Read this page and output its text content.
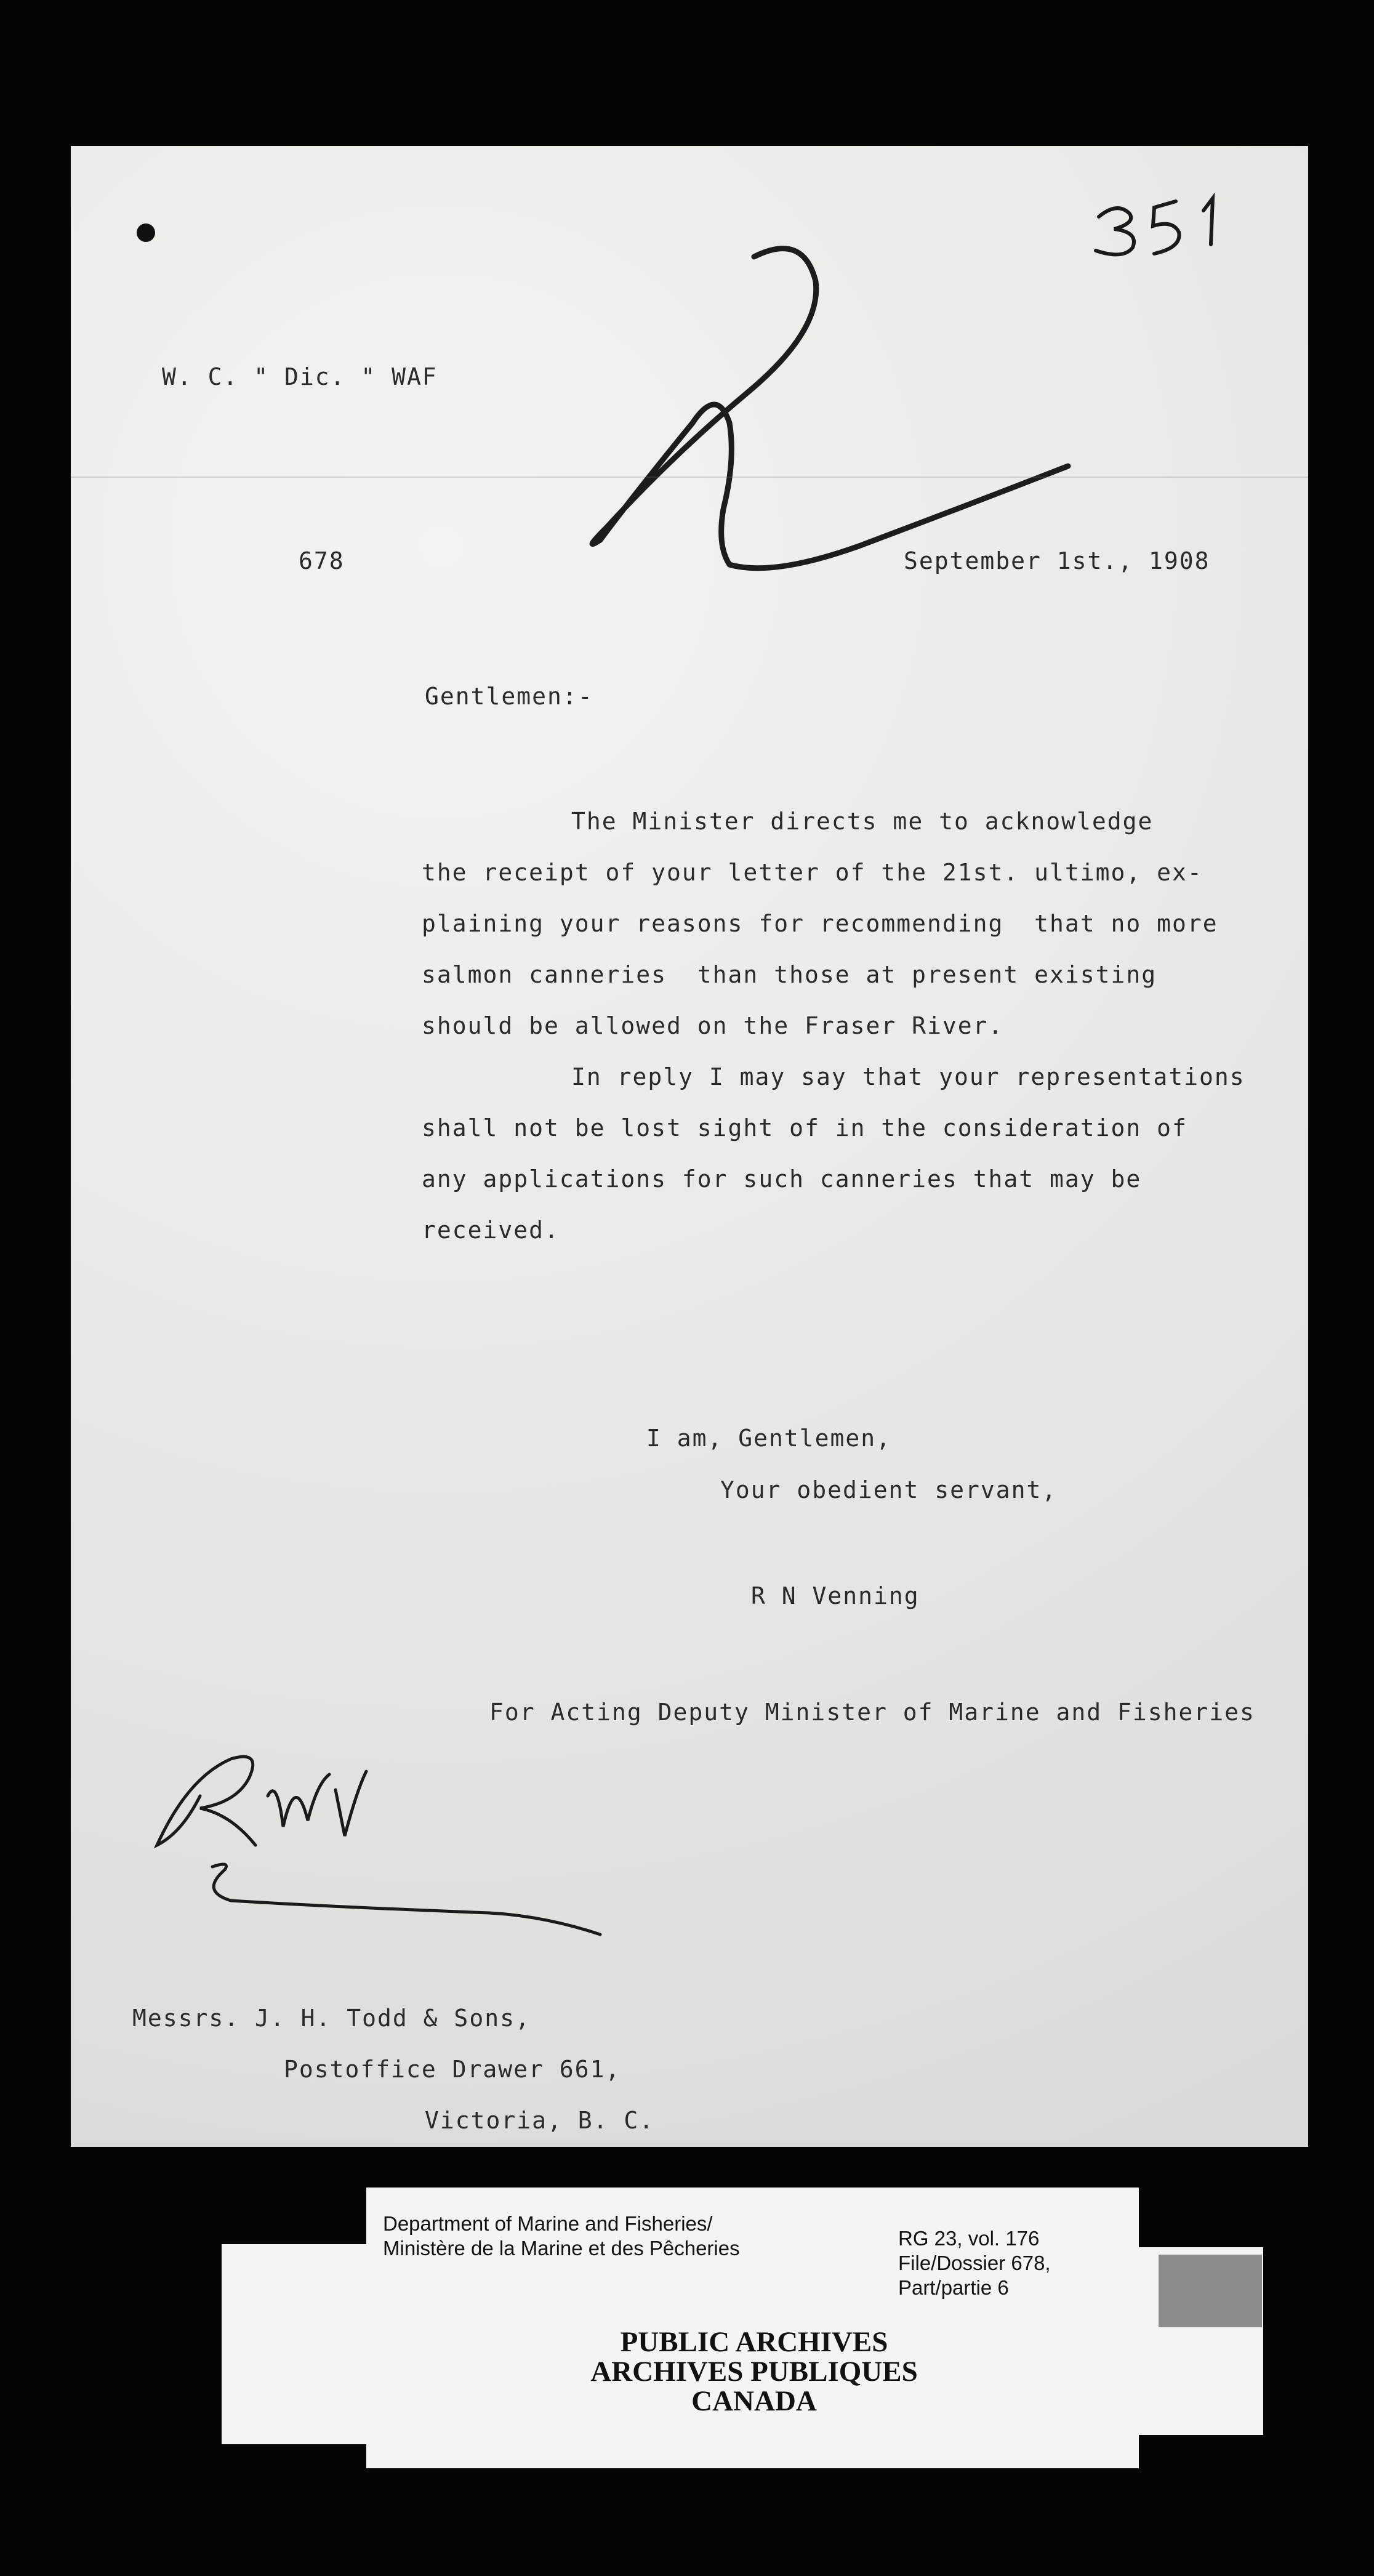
W. C. " Dic. " WAF

678	September 1st., 1908

Gentlemen:-

The Minister directs me to acknowledge

the receipt of your letter of the 21st. ultimo, ex-

plaining your reasons for recommending  that no more

salmon canneries  than those at present existing

should be allowed on the Fraser River.

In reply I may say that your representations

shall not be lost sight of in the consideration of

any applications for such canneries that may be

received.

I am, Gentlemen,

Your obedient servant,

R N Venning

For Acting Deputy Minister of Marine and Fisheries

Messrs. J. H. Todd & Sons,

Postoffice Drawer 661,

Victoria, B. C.

Department of Marine and Fisheries/
Ministère de la Marine et des Pêcheries	RG 23, vol. 176
File/Dossier 678,
Part/partie 6

PUBLIC ARCHIVES

ARCHIVES PUBLIQUES

CANADA
